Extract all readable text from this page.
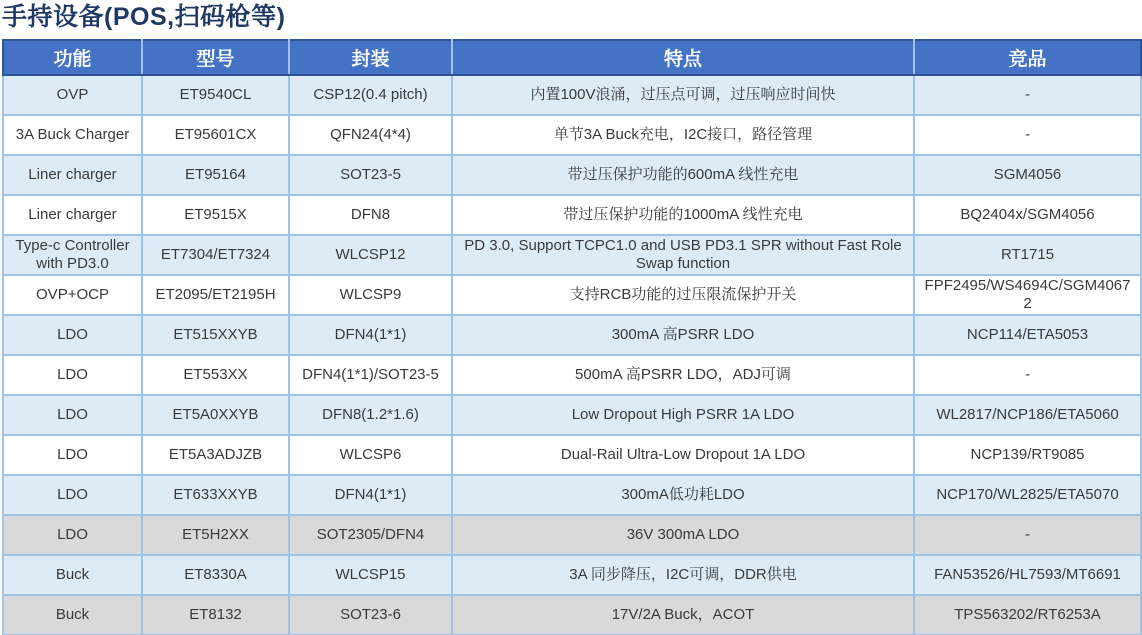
手持设备(POS,扫码枪等)
功能	型号	封装	特点	竞品
OVP	ET9540CL	CSP12(0.4 pitch)	内置100V浪涌，过压点可调，过压响应时间快	-
3A Buck Charger	ET95601CX	QFN24(4*4)	单节3A Buck充电，I2C接口，路径管理	-
Liner charger	ET95164	SOT23-5	带过压保护功能的600mA 线性充电	SGM4056
Liner charger	ET9515X	DFN8	带过压保护功能的1000mA 线性充电	BQ2404x/SGM4056
Type-c Controller with PD3.0	ET7304/ET7324	WLCSP12	PD 3.0, Support TCPC1.0 and USB PD3.1 SPR without Fast Role Swap function	RT1715
OVP+OCP	ET2095/ET2195H	WLCSP9	支持RCB功能的过压限流保护开关	FPF2495/WS4694C/SGM40672
LDO	ET515XXYB	DFN4(1*1)	300mA 高PSRR LDO	NCP114/ETA5053
LDO	ET553XX	DFN4(1*1)/SOT23-5	500mA 高PSRR LDO，ADJ可调	-
LDO	ET5A0XXYB	DFN8(1.2*1.6)	Low Dropout High PSRR 1A LDO	WL2817/NCP186/ETA5060
LDO	ET5A3ADJZB	WLCSP6	Dual-Rail Ultra-Low Dropout 1A LDO	NCP139/RT9085
LDO	ET633XXYB	DFN4(1*1)	300mA低功耗LDO	NCP170/WL2825/ETA5070
LDO	ET5H2XX	SOT2305/DFN4	36V 300mA LDO	-
Buck	ET8330A	WLCSP15	3A 同步降压，I2C可调，DDR供电	FAN53526/HL7593/MT6691
Buck	ET8132	SOT23-6	17V/2A Buck，ACOT	TPS563202/RT6253A
